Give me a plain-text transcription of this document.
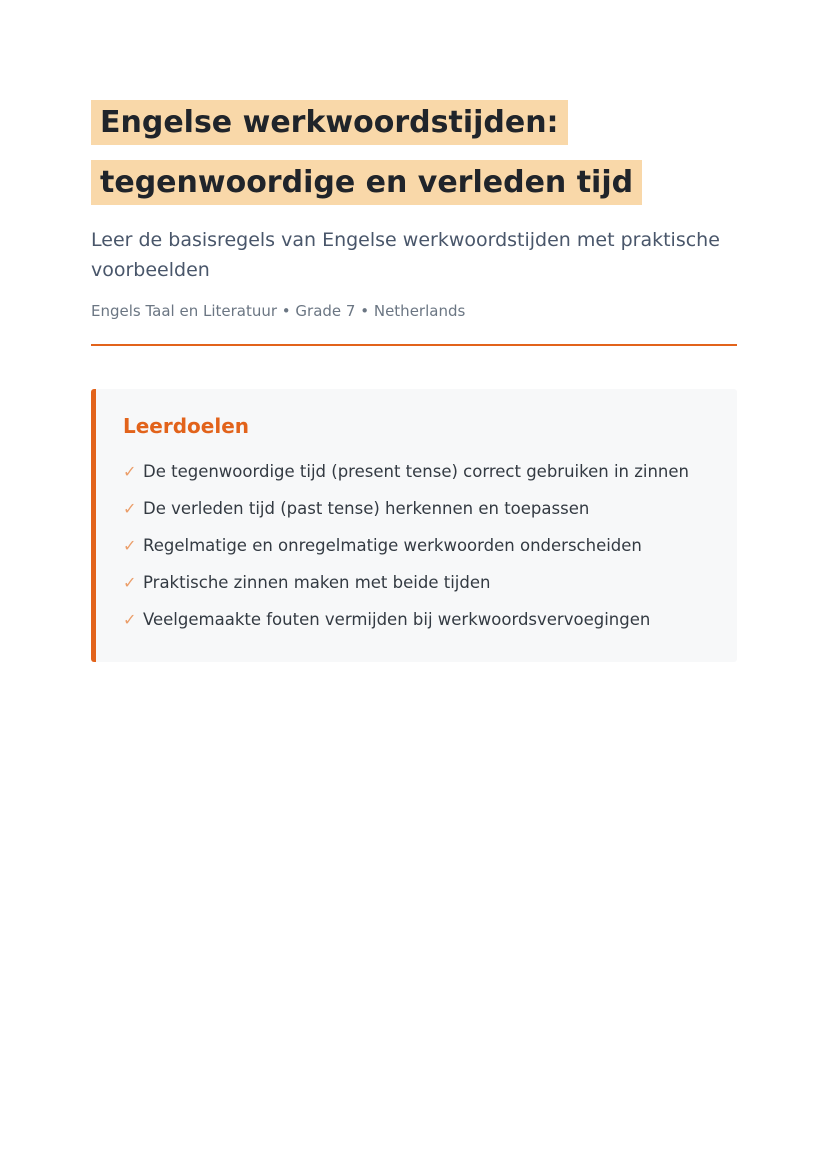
Engelse werkwoordstijden: tegenwoordige en verleden tijd

Leer de basisregels van Engelse werkwoordstijden met praktische voorbeelden

Engels Taal en Literatuur • Grade 7 • Netherlands

Leerdoelen
✓ De tegenwoordige tijd (present tense) correct gebruiken in zinnen
✓ De verleden tijd (past tense) herkennen en toepassen
✓ Regelmatige en onregelmatige werkwoorden onderscheiden
✓ Praktische zinnen maken met beide tijden
✓ Veelgemaakte fouten vermijden bij werkwoordsvervoegingen
